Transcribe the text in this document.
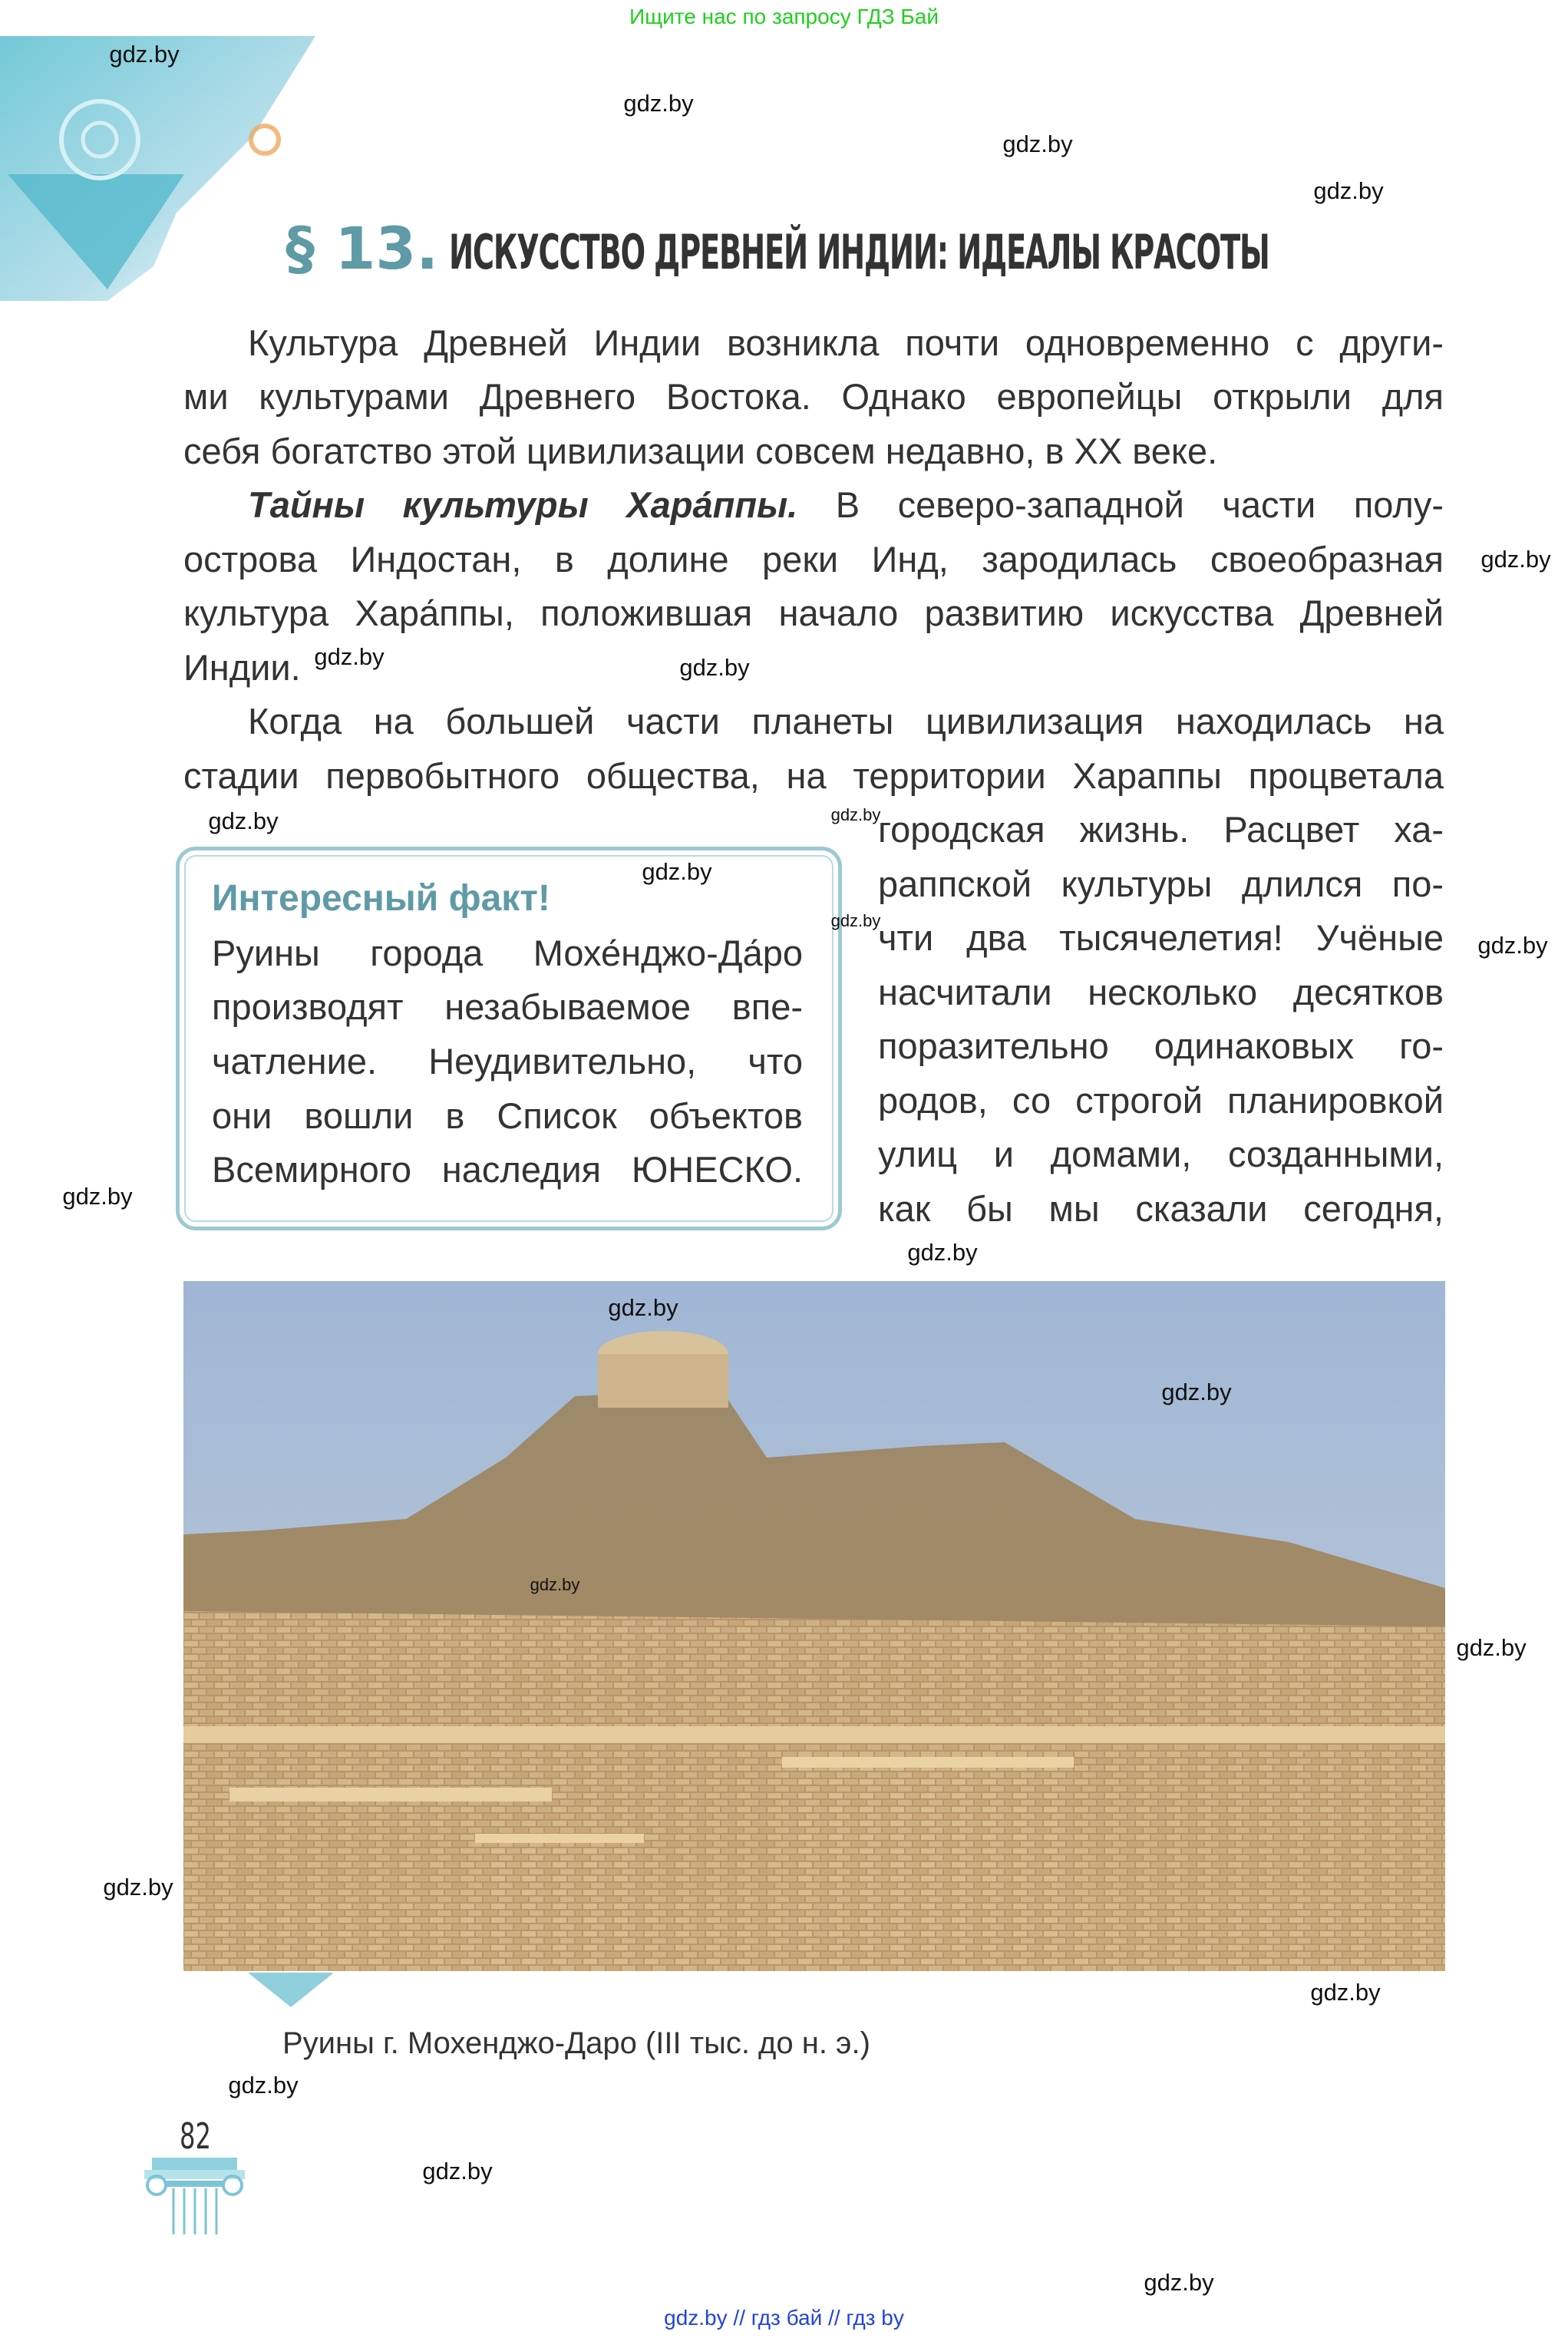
Ищите нас по запросу ГДЗ Бай
§ 13. ИСКУССТВО ДРЕВНЕЙ ИНДИИ: ИДЕАЛЫ КРАСОТЫ
Культура Древней Индии возникла почти одновременно с други-
ми культурами Древнего Востока. Однако европейцы открыли для
себя богатство этой цивилизации совсем недавно, в XX веке.
Тайны культуры Хара́ппы. В северо-западной части полу-
острова Индостан, в долине реки Инд, зародилась своеобразная
культура Хара́ппы, положившая начало развитию искусства Древней
Индии.
Когда на большей части планеты цивилизация находилась на
стадии первобытного общества, на территории Хараппы процветала
городская жизнь. Расцвет ха-
раппской культуры длился по-
чти два тысячелетия! Учёные
насчитали несколько десятков
поразительно одинаковых го-
родов, со строгой планировкой
улиц и домами, созданными,
как бы мы сказали сегодня,
Интересный факт!
Руины города Мохе́нджо-Да́ро
производят незабываемое впе-
чатление. Неудивительно, что
они вошли в Список объектов
Всемирного наследия ЮНЕСКО.
Руины г. Мохенджо-Даро (III тыс. до н. э.)
82
gdz.by
gdz.by
gdz.by
gdz.by
gdz.by
gdz.by	gdz.by
gdz.by
gdz.by
gdz.by
gdz.by
gdz.by
gdz.by
gdz.by
gdz.by
gdz.by
gdz.by
gdz.by
gdz.by
gdz.by
gdz.by
gdz.by
gdz.by
gdz.by // гдз бай // гдз by
